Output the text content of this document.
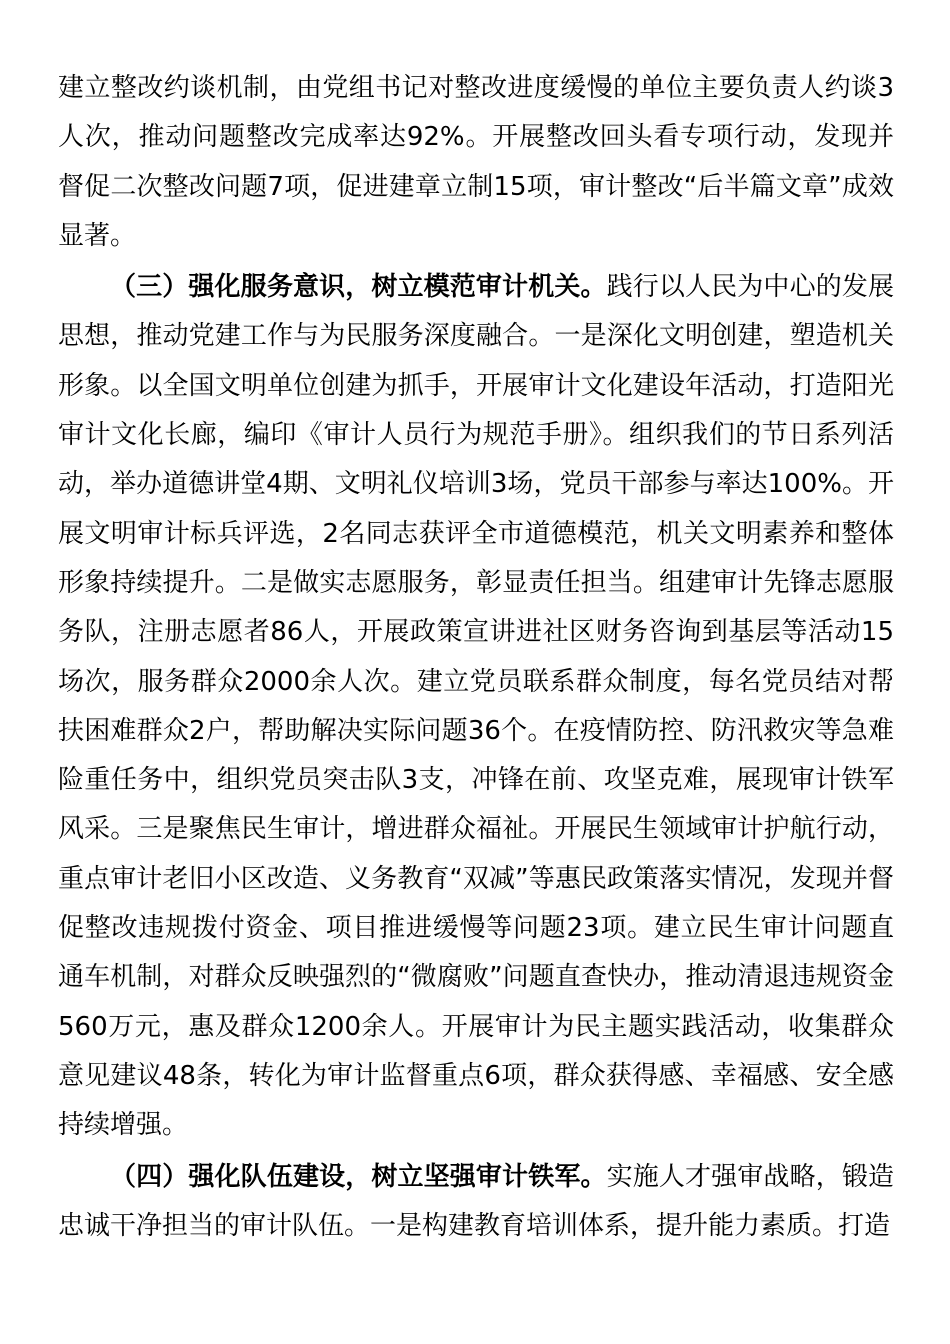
建立整改约谈机制，由党组书记对整改进度缓慢的单位主要负责人约谈3人次，推动问题整改完成率达92%。开展整改回头看专项行动，发现并督促二次整改问题7项，促进建章立制15项，审计整改“后半篇文章”成效显著。

（三）强化服务意识，树立模范审计机关。践行以人民为中心的发展思想，推动党建工作与为民服务深度融合。一是深化文明创建，塑造机关形象。以全国文明单位创建为抓手，开展审计文化建设年活动，打造阳光审计文化长廊，编印《审计人员行为规范手册》。组织我们的节日系列活动，举办道德讲堂4期、文明礼仪培训3场，党员干部参与率达100%。开展文明审计标兵评选，2名同志获评全市道德模范，机关文明素养和整体形象持续提升。二是做实志愿服务，彰显责任担当。组建审计先锋志愿服务队，注册志愿者86人，开展政策宣讲进社区财务咨询到基层等活动15场次，服务群众2000余人次。建立党员联系群众制度，每名党员结对帮扶困难群众2户，帮助解决实际问题36个。在疫情防控、防汛救灾等急难险重任务中，组织党员突击队3支，冲锋在前、攻坚克难，展现审计铁军风采。三是聚焦民生审计，增进群众福祉。开展民生领域审计护航行动，重点审计老旧小区改造、义务教育“双减”等惠民政策落实情况，发现并督促整改违规拨付资金、项目推进缓慢等问题23项。建立民生审计问题直通车机制，对群众反映强烈的“微腐败”问题直查快办，推动清退违规资金560万元，惠及群众1200余人。开展审计为民主题实践活动，收集群众意见建议48条，转化为审计监督重点6项，群众获得感、幸福感、安全感持续增强。

（四）强化队伍建设，树立坚强审计铁军。实施人才强审战略，锻造忠诚干净担当的审计队伍。一是构建教育培训体系，提升能力素质。打造
